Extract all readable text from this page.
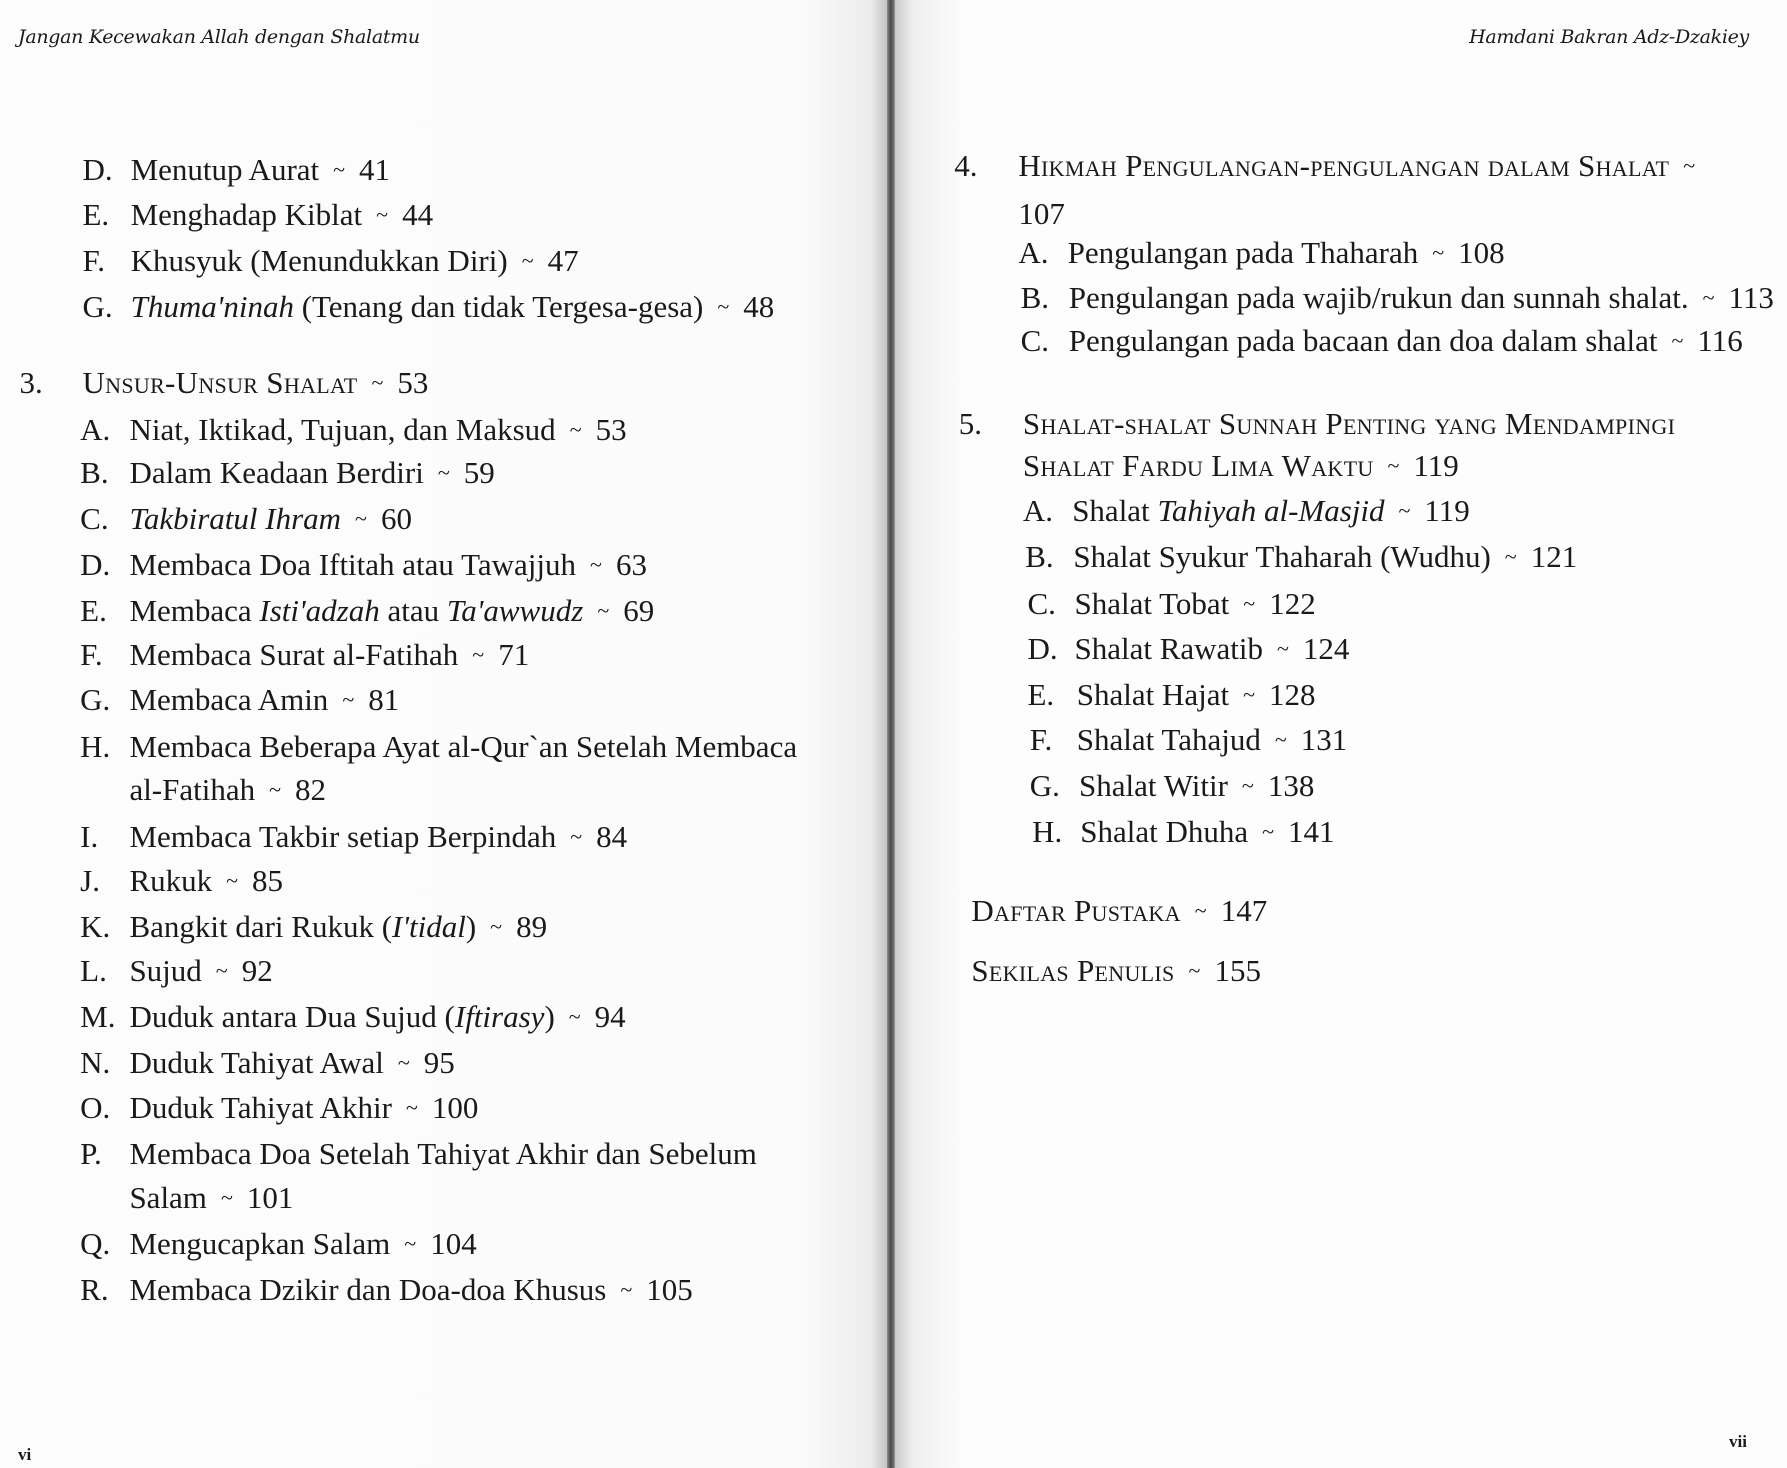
Jangan Kecewakan Allah dengan Shalatmu
vi
Hamdani Bakran Adz-Dzakiey
vii
D. Menutup Aurat ~ 41
E. Menghadap Kiblat ~ 44
F. Khusyuk (Menundukkan Diri) ~ 47
G. Thuma'ninah (Tenang dan tidak Tergesa-gesa) ~ 48
3. Unsur-Unsur Shalat ~ 53
A. Niat, Iktikad, Tujuan, dan Maksud ~ 53
B. Dalam Keadaan Berdiri ~ 59
C. Takbiratul Ihram ~ 60
D. Membaca Doa Iftitah atau Tawajjuh ~ 63
E. Membaca Isti'adzah atau Ta'awwudz ~ 69
F. Membaca Surat al-Fatihah ~ 71
G. Membaca Amin ~ 81
H. Membaca Beberapa Ayat al-Qur`an Setelah Membaca
al-Fatihah ~ 82
I. Membaca Takbir setiap Berpindah ~ 84
J. Rukuk ~ 85
K. Bangkit dari Rukuk (I'tidal) ~ 89
L. Sujud ~ 92
M. Duduk antara Dua Sujud (Iftirasy) ~ 94
N. Duduk Tahiyat Awal ~ 95
O. Duduk Tahiyat Akhir ~ 100
P. Membaca Doa Setelah Tahiyat Akhir dan Sebelum
Salam ~ 101
Q. Mengucapkan Salam ~ 104
R. Membaca Dzikir dan Doa-doa Khusus ~ 105
4. Hikmah Pengulangan-pengulangan dalam Shalat ~
107
A. Pengulangan pada Thaharah ~ 108
B. Pengulangan pada wajib/rukun dan sunnah shalat. ~ 113
C. Pengulangan pada bacaan dan doa dalam shalat ~ 116
5. Shalat-shalat Sunnah Penting yang Mendampingi
Shalat Fardu Lima Waktu ~ 119
A. Shalat Tahiyah al-Masjid ~ 119
B. Shalat Syukur Thaharah (Wudhu) ~ 121
C. Shalat Tobat ~ 122
D. Shalat Rawatib ~ 124
E. Shalat Hajat ~ 128
F. Shalat Tahajud ~ 131
G. Shalat Witir ~ 138
H. Shalat Dhuha ~ 141
Daftar Pustaka ~ 147
Sekilas Penulis ~ 155
